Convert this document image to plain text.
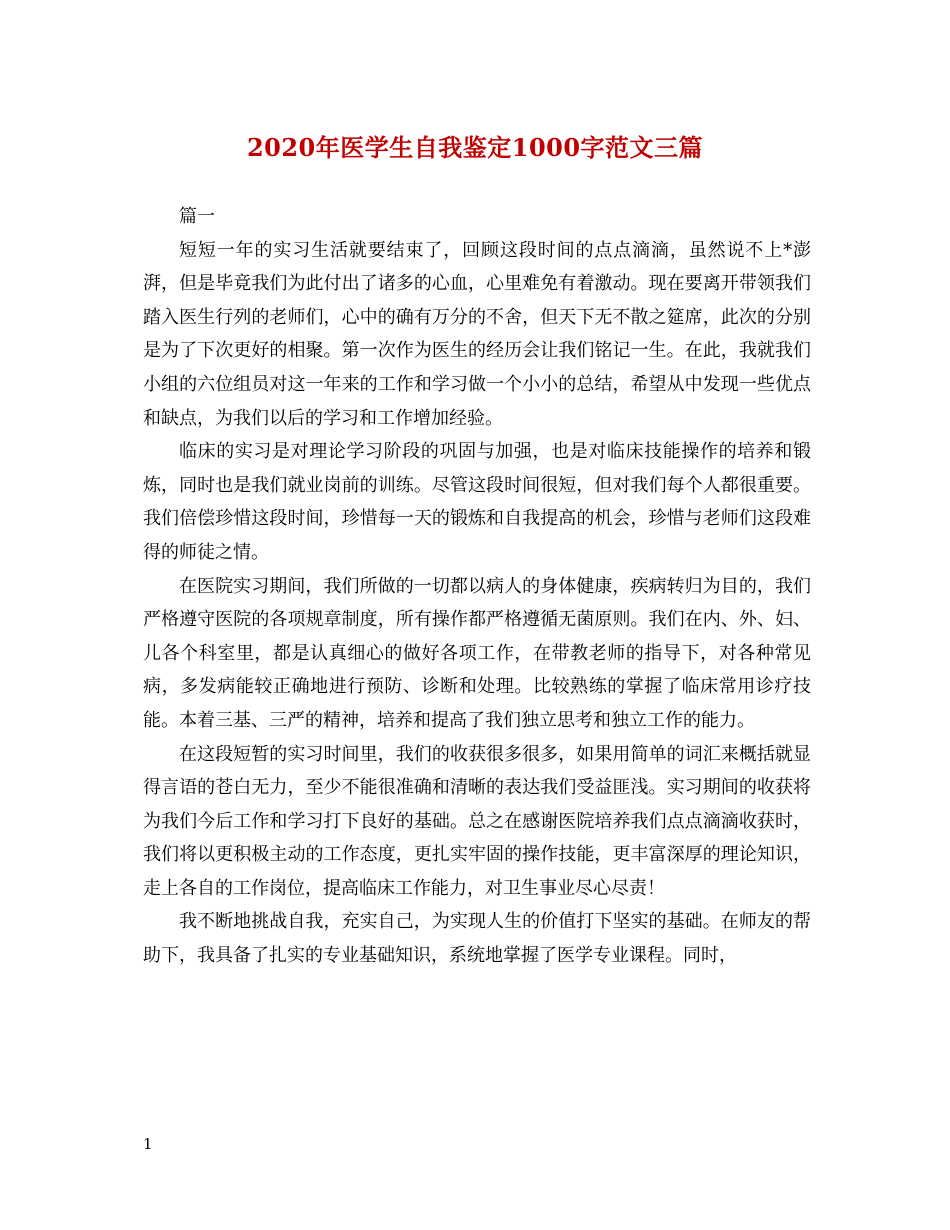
2020年医学生自我鉴定1000字范文三篇

篇一

短短一年的实习生活就要结束了，回顾这段时间的点点滴滴，虽然说不上*澎湃，但是毕竟我们为此付出了诸多的心血，心里难免有着激动。现在要离开带领我们踏入医生行列的老师们，心中的确有万分的不舍，但天下无不散之筵席，此次的分别是为了下次更好的相聚。第一次作为医生的经历会让我们铭记一生。在此，我就我们小组的六位组员对这一年来的工作和学习做一个小小的总结，希望从中发现一些优点和缺点，为我们以后的学习和工作增加经验。

临床的实习是对理论学习阶段的巩固与加强，也是对临床技能操作的培养和锻炼，同时也是我们就业岗前的训练。尽管这段时间很短，但对我们每个人都很重要。我们倍偿珍惜这段时间，珍惜每一天的锻炼和自我提高的机会，珍惜与老师们这段难得的师徒之情。

在医院实习期间，我们所做的一切都以病人的身体健康，疾病转归为目的，我们严格遵守医院的各项规章制度，所有操作都严格遵循无菌原则。我们在内、外、妇、儿各个科室里，都是认真细心的做好各项工作，在带教老师的指导下，对各种常见病，多发病能较正确地进行预防、诊断和处理。比较熟练的掌握了临床常用诊疗技能。本着三基、三严的精神，培养和提高了我们独立思考和独立工作的能力。

在这段短暂的实习时间里，我们的收获很多很多，如果用简单的词汇来概括就显得言语的苍白无力，至少不能很准确和清晰的表达我们受益匪浅。实习期间的收获将为我们今后工作和学习打下良好的基础。总之在感谢医院培养我们点点滴滴收获时，我们将以更积极主动的工作态度，更扎实牢固的操作技能，更丰富深厚的理论知识，走上各自的工作岗位，提高临床工作能力，对卫生事业尽心尽责！

我不断地挑战自我，充实自己，为实现人生的价值打下坚实的基础。在师友的帮助下，我具备了扎实的专业基础知识，系统地掌握了医学专业课程。同时，

1
